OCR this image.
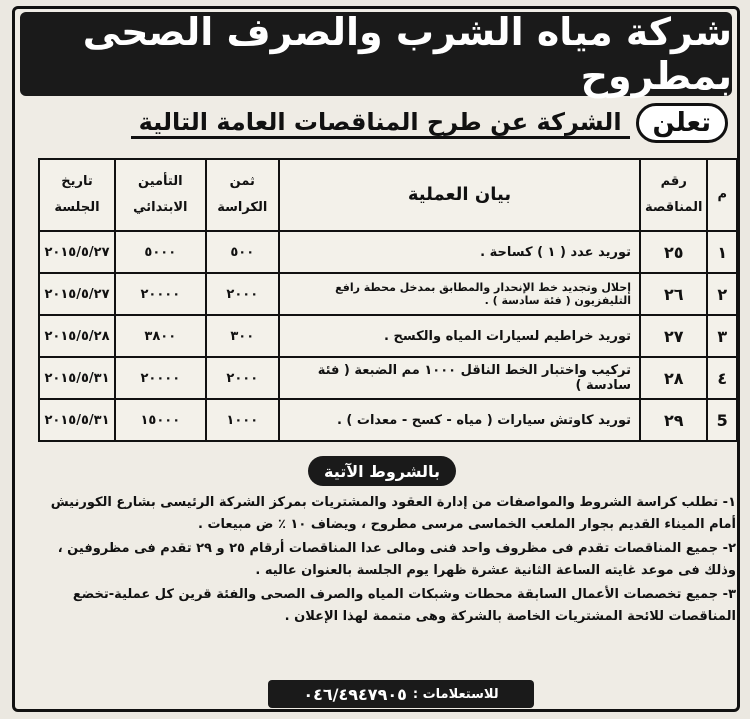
شركة مياه الشرب والصرف الصحى بمطروح
تعلن
الشركة عن طرح المناقصات العامة التالية
م	رقم المناقصة	بيان العملية	ثمن الكراسة	التأمين الابتدائي	تاريخ الجلسة
١	٢٥	توريد عدد ( ١ ) كساحة .	٥٠٠	٥٠٠٠	٢٠١٥/٥/٢٧
٢	٢٦	إحلال وتجديد خط الإنحدار والمطابق بمدخل محطة رافع التليفزيون ( فئة سادسة ) .	٢٠٠٠	٢٠٠٠٠	٢٠١٥/٥/٢٧
٣	٢٧	توريد خراطيم لسيارات المياه والكسح .	٣٠٠	٣٨٠٠	٢٠١٥/٥/٢٨
٤	٢٨	تركيب واختبار الخط الناقل ١٠٠٠ مم الضبعة ( فئة سادسة )	٢٠٠٠	٢٠٠٠٠	٢٠١٥/٥/٣١
5	٢٩	توريد كاوتش سيارات ( مياه - كسح - معدات ) .	١٠٠٠	١٥٠٠٠	٢٠١٥/٥/٣١
بالشروط الآتية

١- تطلب كراسة الشروط والمواصفات من إدارة العقود والمشتريات بمركز الشركة الرئيسى بشارع الكورنيش أمام الميناء القديم بجوار الملعب الخماسى مرسى مطروح ، ويضاف ١٠ ٪ ض مبيعات .

٢- جميع المناقصات تقدم فى مظروف واحد فنى ومالى عدا المناقصات أرقام ٢٥ و ٢٩ تقدم فى مظروفين ، وذلك فى موعد غايته الساعة الثانية عشرة ظهرا يوم الجلسة بالعنوان عاليه .

٣- جميع تخصصات الأعمال السابقة محطات وشبكات المياه والصرف الصحى والفئة قرين كل عملية-تخضع المناقصات للائحة المشتريات الخاصة بالشركة وهى متممة لهذا الإعلان .

للاستعلامات :
٠٤٦/٤٩٤٧٩٠٥
